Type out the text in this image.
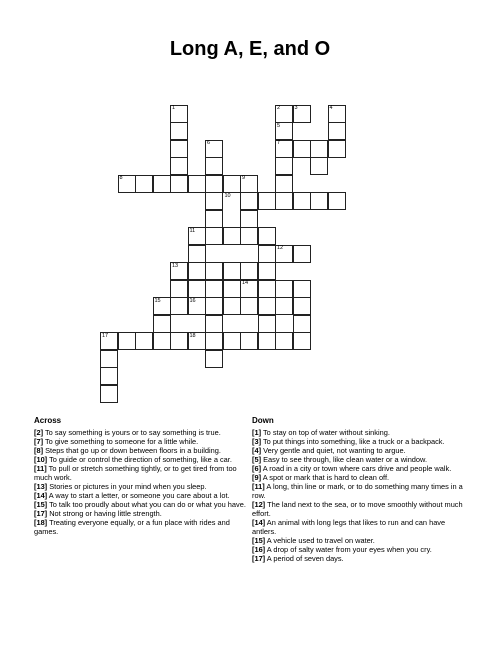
Long A, E, and O
1	2	3	4
5
6	7
8	9
10
11
12
13
14
15	16
17	18
Across
[2] To say something is yours or to say something is true.
[7] To give something to someone for a little while.
[8] Steps that go up or down between floors in a building.
[10] To guide or control the direction of something, like a car.
[11] To pull or stretch something tightly, or to get tired from too much work.
[13] Stories or pictures in your mind when you sleep.
[14] A way to start a letter, or someone you care about a lot.
[15] To talk too proudly about what you can do or what you have.
[17] Not strong or having little strength.
[18] Treating everyone equally, or a fun place with rides and games.
Down
[1] To stay on top of water without sinking.
[3] To put things into something, like a truck or a backpack.
[4] Very gentle and quiet, not wanting to argue.
[5] Easy to see through, like clean water or a window.
[6] A road in a city or town where cars drive and people walk.
[9] A spot or mark that is hard to clean off.
[11] A long, thin line or mark, or to do something many times in a row.
[12] The land next to the sea, or to move smoothly without much effort.
[14] An animal with long legs that likes to run and can have antlers.
[15] A vehicle used to travel on water.
[16] A drop of salty water from your eyes when you cry.
[17] A period of seven days.
